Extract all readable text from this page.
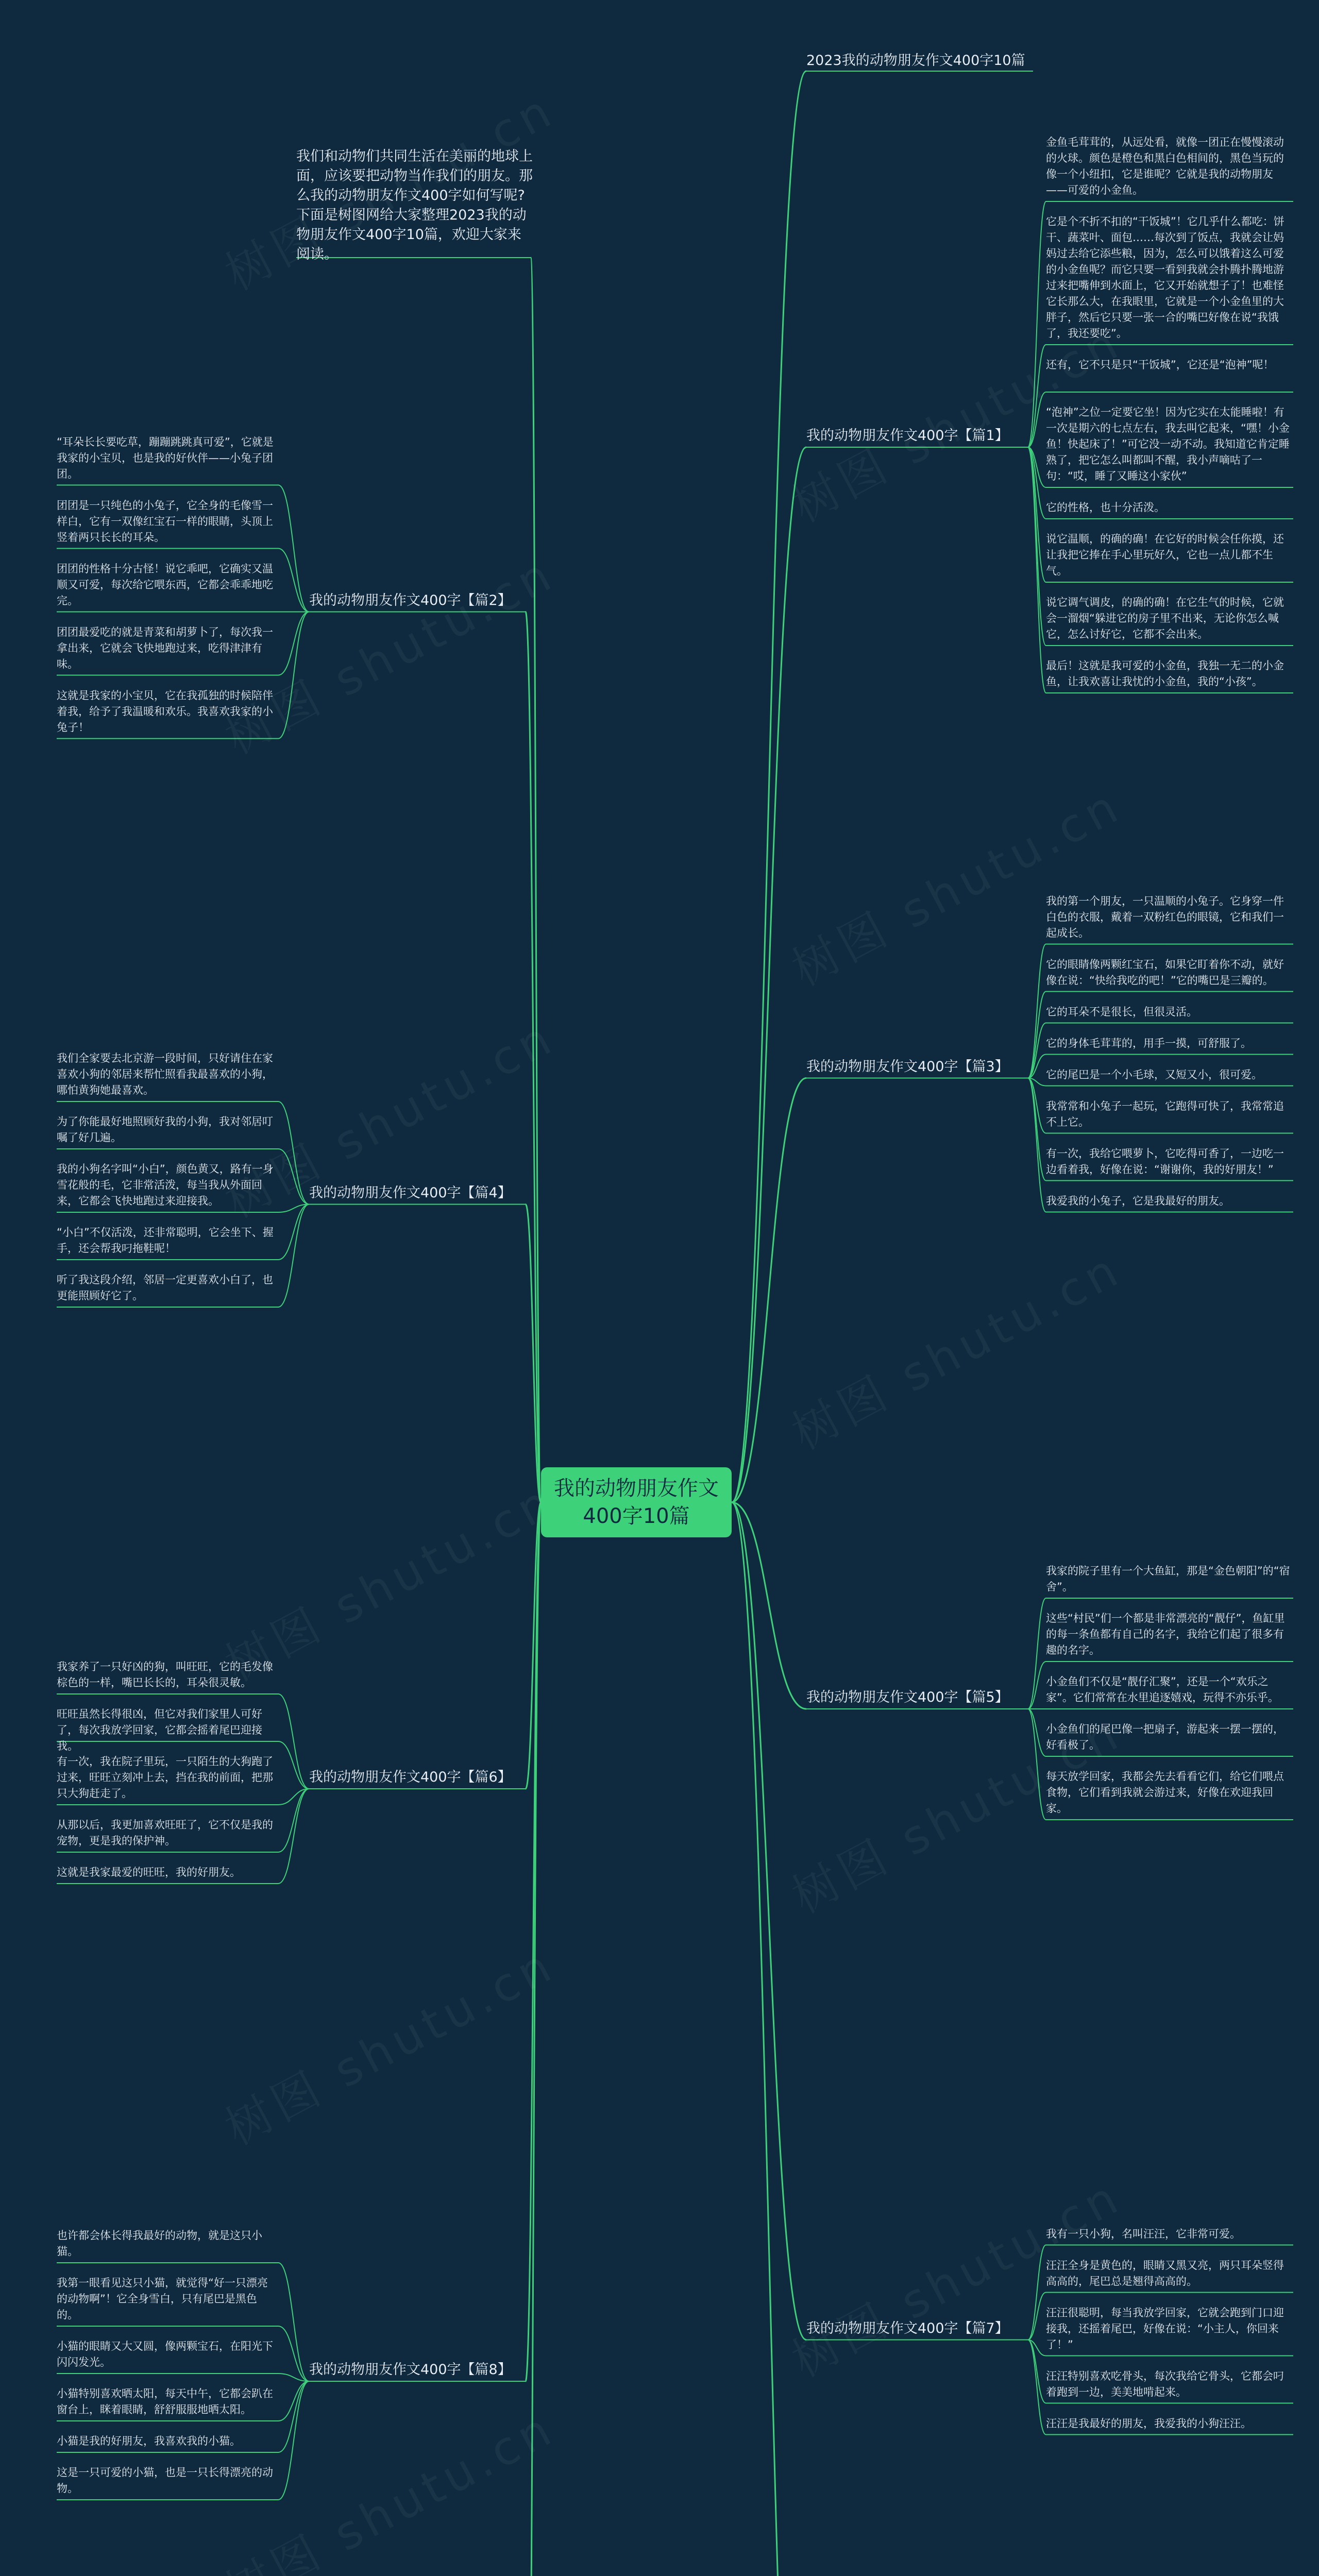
我的动物朋友作文400字10篇
2023我的动物朋友作文400字10篇
我们和动物们共同生活在美丽的地球上面，应该要把动物当作我们的朋友。那么我的动物朋友作文400字如何写呢?下面是树图网给大家整理2023我的动物朋友作文400字10篇，欢迎大家来阅读。
金鱼毛茸茸的，从远处看，就像一团正在慢慢滚动的火球。颜色是橙色和黑白色相间的，黑色当玩的像一个小纽扣，它是谁呢？它就是我的动物朋友——可爱的小金鱼。
它是个不折不扣的“干饭城”！它几乎什么都吃：饼干、蔬菜叶、面包……每次到了饭点，我就会让妈妈过去给它添些粮，因为，怎么可以饿着这么可爱的小金鱼呢？而它只要一看到我就会扑腾扑腾地游过来把嘴伸到水面上，它又开始就想子了！也难怪它长那么大，在我眼里，它就是一个小金鱼里的大胖子，然后它只要一张一合的嘴巴好像在说“我饿了，我还要吃”。
还有，它不只是只“干饭城”，它还是“泡神”呢！
“泡神”之位一定要它坐！因为它实在太能睡啦！有一次是期六的七点左右，我去叫它起来，“嘿！小金鱼！快起床了！”可它没一动不动。我知道它肯定睡熟了，把它怎么叫都叫不醒，我小声嘀咕了一句：“哎，睡了又睡这小家伙”
它的性格，也十分活泼。
说它温顺，的确的确！在它好的时候会任你摸，还让我把它捧在手心里玩好久，它也一点儿都不生气。
说它调气调皮，的确的确！在它生气的时候，它就会一溜烟“躲进它的房子里不出来，无论你怎么喊它，怎么讨好它，它都不会出来。
最后！这就是我可爱的小金鱼，我独一无二的小金鱼，让我欢喜让我忧的小金鱼，我的“小孩”。
我的动物朋友作文400字【篇1】
我的第一个朋友，一只温顺的小兔子。它身穿一件白色的衣服，戴着一双粉红色的眼镜，它和我们一起成长。
它的眼睛像两颗红宝石，如果它盯着你不动，就好像在说：“快给我吃的吧！”它的嘴巴是三瓣的。
它的耳朵不是很长，但很灵活。
它的身体毛茸茸的，用手一摸，可舒服了。
它的尾巴是一个小毛球，又短又小，很可爱。
我常常和小兔子一起玩，它跑得可快了，我常常追不上它。
有一次，我给它喂萝卜，它吃得可香了，一边吃一边看着我，好像在说：“谢谢你，我的好朋友！”
我爱我的小兔子，它是我最好的朋友。
我的动物朋友作文400字【篇3】
我家的院子里有一个大鱼缸，那是“金色朝阳”的“宿舍”。
这些“村民”们一个都是非常漂亮的“靓仔”，鱼缸里的每一条鱼都有自己的名字，我给它们起了很多有趣的名字。
小金鱼们不仅是“靓仔汇聚”，还是一个“欢乐之家”。它们常常在水里追逐嬉戏，玩得不亦乐乎。
小金鱼们的尾巴像一把扇子，游起来一摆一摆的，好看极了。
每天放学回家，我都会先去看看它们，给它们喂点食物，它们看到我就会游过来，好像在欢迎我回家。
我的动物朋友作文400字【篇5】
我有一只小狗，名叫汪汪，它非常可爱。
汪汪全身是黄色的，眼睛又黑又亮，两只耳朵竖得高高的，尾巴总是翘得高高的。
汪汪很聪明，每当我放学回家，它就会跑到门口迎接我，还摇着尾巴，好像在说：“小主人，你回来了！”
汪汪特别喜欢吃骨头，每次我给它骨头，它都会叼着跑到一边，美美地啃起来。
汪汪是我最好的朋友，我爱我的小狗汪汪。
我的动物朋友作文400字【篇7】
“耳朵长长要吃草，蹦蹦跳跳真可爱”，它就是我家的小宝贝，也是我的好伙伴——小兔子团团。
团团是一只纯色的小兔子，它全身的毛像雪一样白，它有一双像红宝石一样的眼睛，头顶上竖着两只长长的耳朵。
团团的性格十分古怪！说它乖吧，它确实又温顺又可爱，每次给它喂东西，它都会乖乖地吃完。
团团最爱吃的就是青菜和胡萝卜了，每次我一拿出来，它就会飞快地跑过来，吃得津津有味。
这就是我家的小宝贝，它在我孤独的时候陪伴着我，给予了我温暖和欢乐。我喜欢我家的小兔子！
我的动物朋友作文400字【篇2】
我们全家要去北京游一段时间，只好请住在家喜欢小狗的邻居来帮忙照看我最喜欢的小狗，哪怕黄狗她最喜欢。
为了你能最好地照顾好我的小狗，我对邻居叮嘱了好几遍。
我的小狗名字叫“小白”，颜色黄又，路有一身雪花般的毛，它非常活泼，每当我从外面回来，它都会飞快地跑过来迎接我。
“小白”不仅活泼，还非常聪明，它会坐下、握手，还会帮我叼拖鞋呢！
听了我这段介绍，邻居一定更喜欢小白了，也更能照顾好它了。
我的动物朋友作文400字【篇4】
我家养了一只好凶的狗，叫旺旺，它的毛发像棕色的一样，嘴巴长长的，耳朵很灵敏。
旺旺虽然长得很凶，但它对我们家里人可好了，每次我放学回家，它都会摇着尾巴迎接我。
有一次，我在院子里玩，一只陌生的大狗跑了过来，旺旺立刻冲上去，挡在我的前面，把那只大狗赶走了。
从那以后，我更加喜欢旺旺了，它不仅是我的宠物，更是我的保护神。
这就是我家最爱的旺旺，我的好朋友。
我的动物朋友作文400字【篇6】
也许都会体长得我最好的动物，就是这只小猫。
我第一眼看见这只小猫，就觉得“好一只漂亮的动物啊”！它全身雪白，只有尾巴是黑色的。
小猫的眼睛又大又圆，像两颗宝石，在阳光下闪闪发光。
小猫特别喜欢晒太阳，每天中午，它都会趴在窗台上，眯着眼睛，舒舒服服地晒太阳。
小猫是我的好朋友，我喜欢我的小猫。
这是一只可爱的小猫，也是一只长得漂亮的动物。
我的动物朋友作文400字【篇8】
